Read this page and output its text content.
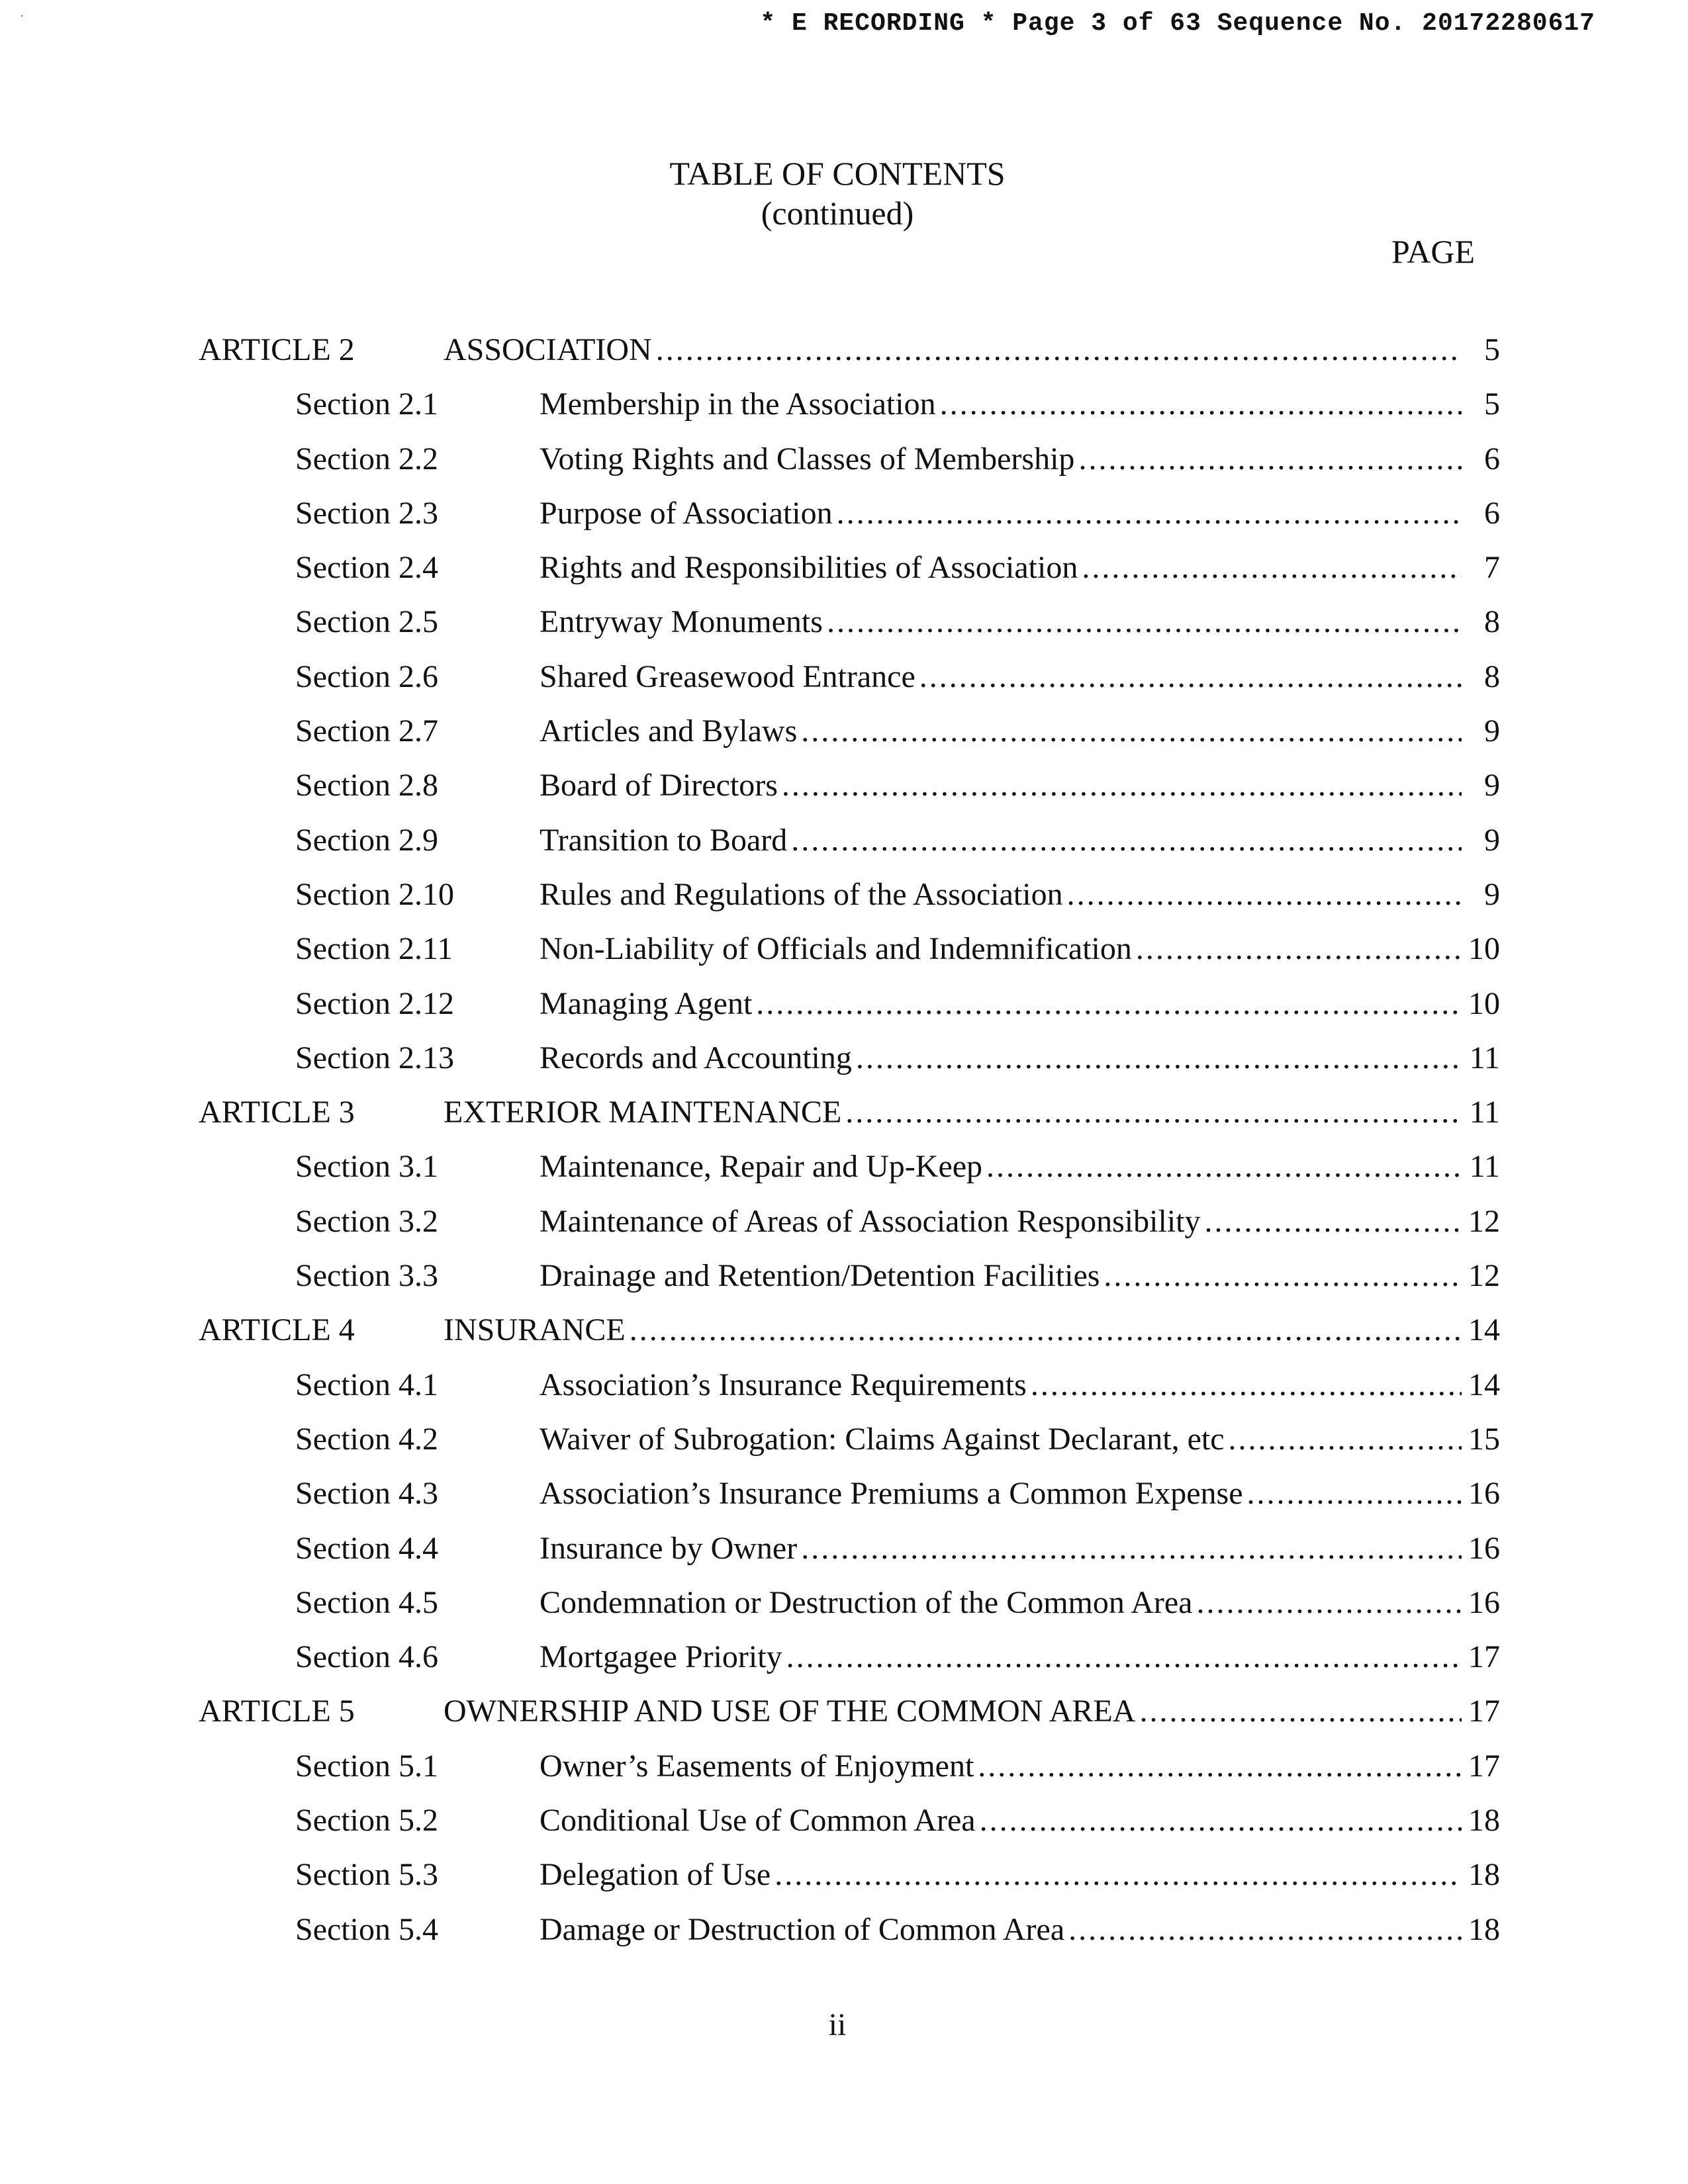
·	* E RECORDING * Page 3 of 63 Sequence No. 20172280617
TABLE OF CONTENTS
(continued)
PAGE
ARTICLE 2	ASSOCIATION .....	5
Section 2.1	Membership in the Association .....	5
Section 2.2	Voting Rights and Classes of Membership .....	6
Section 2.3	Purpose of Association .....	6
Section 2.4	Rights and Responsibilities of Association .....	7
Section 2.5	Entryway Monuments .....	8
Section 2.6	Shared Greasewood Entrance .....	8
Section 2.7	Articles and Bylaws .....	9
Section 2.8	Board of Directors .....	9
Section 2.9	Transition to Board .....	9
Section 2.10	Rules and Regulations of the Association .....	9
Section 2.11	Non-Liability of Officials and Indemnification .....	10
Section 2.12	Managing Agent .....	10
Section 2.13	Records and Accounting .....	11
ARTICLE 3	EXTERIOR MAINTENANCE .....	11
Section 3.1	Maintenance, Repair and Up-Keep .....	11
Section 3.2	Maintenance of Areas of Association Responsibility .....	12
Section 3.3	Drainage and Retention/Detention Facilities .....	12
ARTICLE 4	INSURANCE .....	14
Section 4.1	Association’s Insurance Requirements .....	14
Section 4.2	Waiver of Subrogation: Claims Against Declarant, etc .....	15
Section 4.3	Association’s Insurance Premiums a Common Expense .....	16
Section 4.4	Insurance by Owner .....	16
Section 4.5	Condemnation or Destruction of the Common Area .....	16
Section 4.6	Mortgagee Priority .....	17
ARTICLE 5	OWNERSHIP AND USE OF THE COMMON AREA .....	17
Section 5.1	Owner’s Easements of Enjoyment .....	17
Section 5.2	Conditional Use of Common Area .....	18
Section 5.3	Delegation of Use .....	18
Section 5.4	Damage or Destruction of Common Area .....	18
ii
